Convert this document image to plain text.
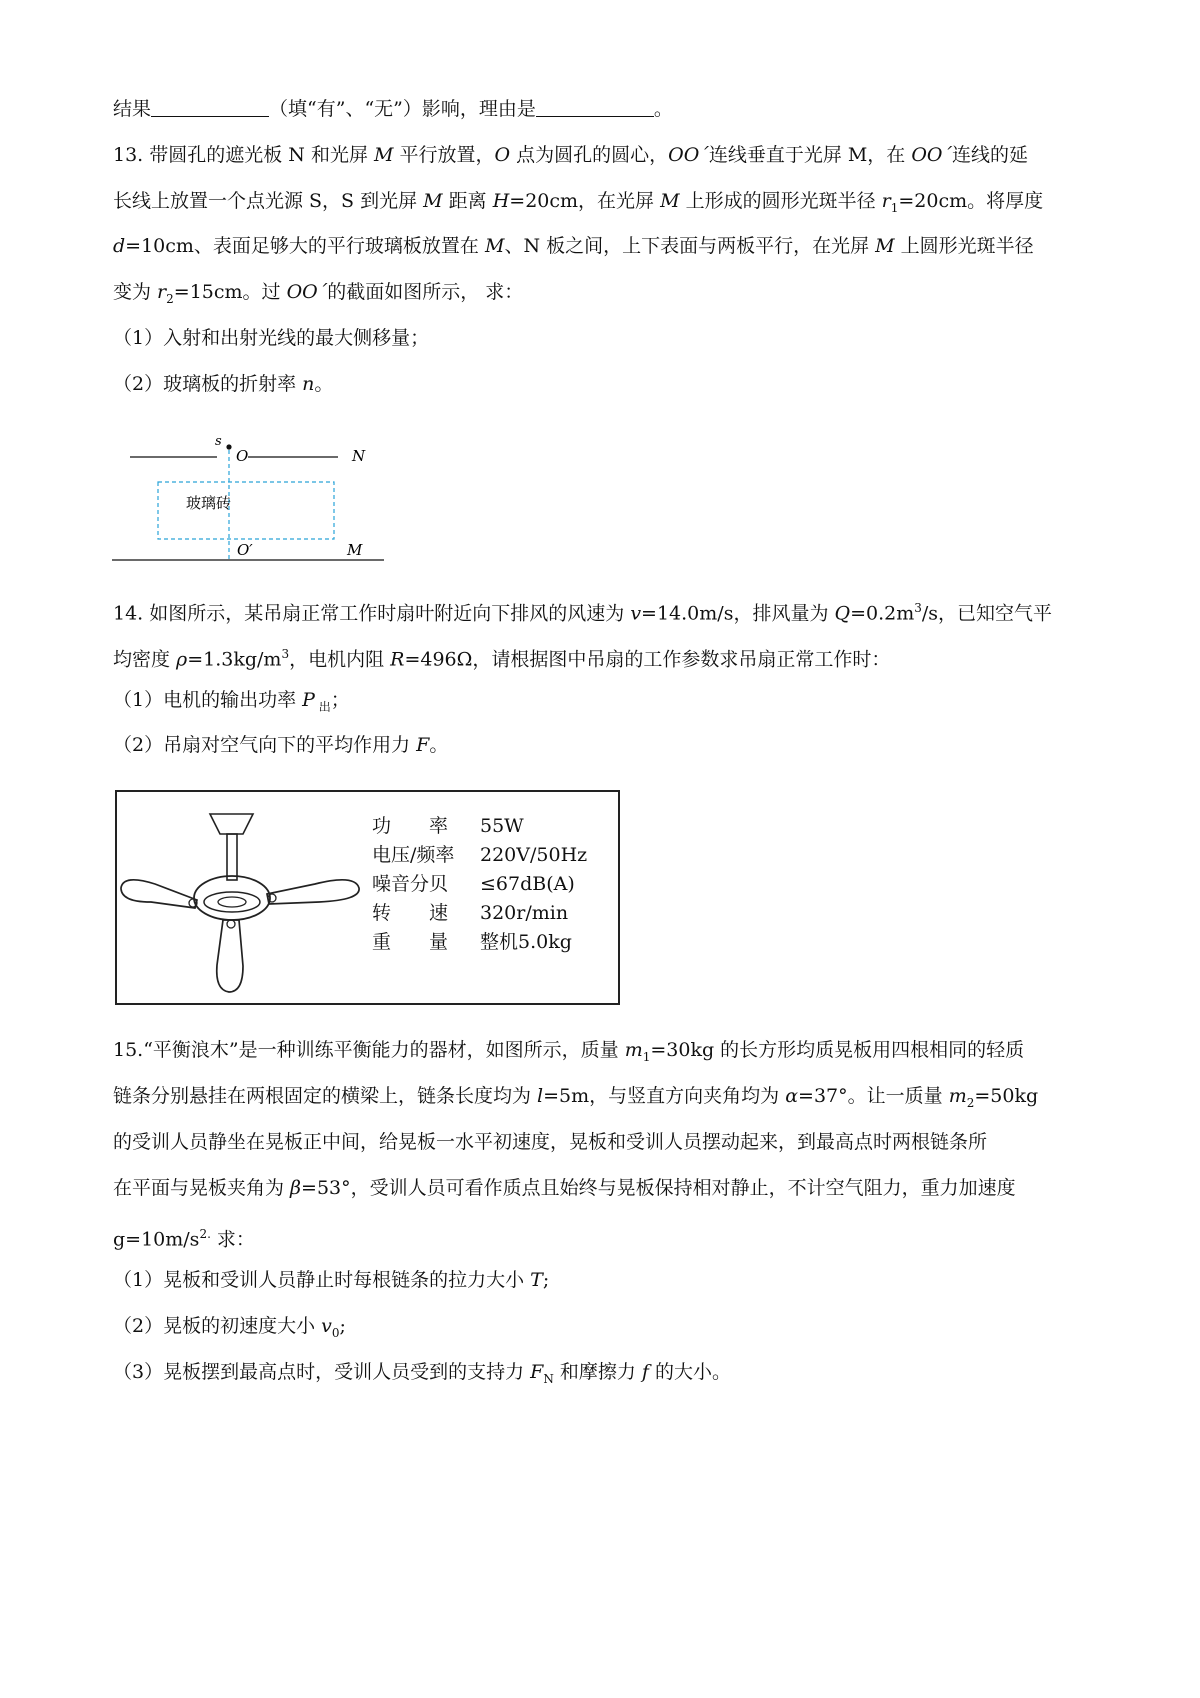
结果	（填“有”、“无”）影响，理由是	。
13. 带圆孔的遮光板 N 和光屏 M 平行放置，O 点为圆孔的圆心，OO´连线垂直于光屏 M，在 OO´连线的延
长线上放置一个点光源 S，S 到光屏 M 距离 H=20cm，在光屏 M 上形成的圆形光斑半径 $r_1=20cm$。将厚度
d=10cm、表面足够大的平行玻璃板放置在 M、N 板之间，上下表面与两板平行，在光屏 M 上圆形光斑半径
变为 $r_2=15cm$。过 OO´的截面如图所示， 求：
（1）入射和出射光线的最大侧移量；
（2）玻璃板的折射率 n。
s
O	N
玻璃砖
O′	M
14. 如图所示，某吊扇正常工作时扇叶附近向下排风的风速为 v=14.0m/s，排风量为 $Q=0.2m^3/s$，已知空气平
均密度 $\rho=1.3kg/m^3$，电机内阻 R=496Ω，请根据图中吊扇的工作参数求吊扇正常工作时：
（1）电机的输出功率 P $_出$；
（2）吊扇对空气向下的平均作用力 F。
功　　率 55W
电压/频率 220V/50Hz
噪音分贝 ≤67dB(A)
转　　速 320r/min
重　　量 整机5.0kg
15.“平衡浪木”是一种训练平衡能力的器材，如图所示，质量 $m_1=30kg$ 的长方形均质晃板用四根相同的轻质
链条分别悬挂在两根固定的横梁上，链条长度均为 l=5m，与竖直方向夹角均为 α=37°。让一质量 $m_2=50kg$
的受训人员静坐在晃板正中间，给晃板一水平初速度，晃板和受训人员摆动起来，到最高点时两根链条所
在平面与晃板夹角为 β=53°，受训人员可看作质点且始终与晃板保持相对静止，不计空气阻力，重力加速度
$g=10m/s^{2.}$ 求：
（1）晃板和受训人员静止时每根链条的拉力大小 T;
（2）晃板的初速度大小 $v_0$;
（3）晃板摆到最高点时，受训人员受到的支持力 $F_N$ 和摩擦力 f 的大小。
